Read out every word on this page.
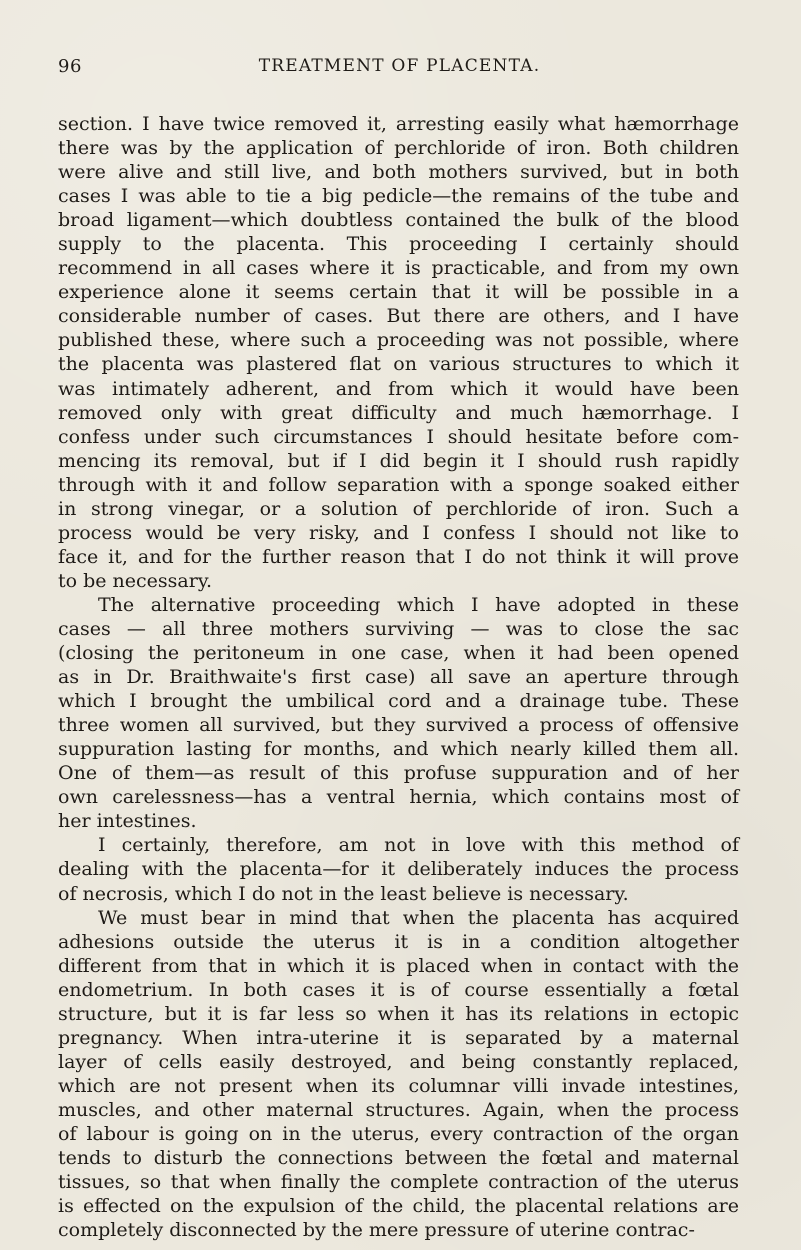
96	TREATMENT OF PLACENTA.
section. I have twice removed it, arresting easily what hæmorrhage
there was by the application of perchloride of iron. Both children
were alive and still live, and both mothers survived, but in both
cases I was able to tie a big pedicle—the remains of the tube and
broad ligament—which doubtless contained the bulk of the blood
supply to the placenta. This proceeding I certainly should
recommend in all cases where it is practicable, and from my own
experience alone it seems certain that it will be possible in a
considerable number of cases. But there are others, and I have
published these, where such a proceeding was not possible, where
the placenta was plastered flat on various structures to which it
was intimately adherent, and from which it would have been
removed only with great difficulty and much hæmorrhage. I
confess under such circumstances I should hesitate before com-
mencing its removal, but if I did begin it I should rush rapidly
through with it and follow separation with a sponge soaked either
in strong vinegar, or a solution of perchloride of iron. Such a
process would be very risky, and I confess I should not like to
face it, and for the further reason that I do not think it will prove
to be necessary.
The alternative proceeding which I have adopted in these
cases — all three mothers surviving — was to close the sac
(closing the peritoneum in one case, when it had been opened
as in Dr. Braithwaite's first case) all save an aperture through
which I brought the umbilical cord and a drainage tube. These
three women all survived, but they survived a process of offensive
suppuration lasting for months, and which nearly killed them all.
One of them—as result of this profuse suppuration and of her
own carelessness—has a ventral hernia, which contains most of
her intestines.
I certainly, therefore, am not in love with this method of
dealing with the placenta—for it deliberately induces the process
of necrosis, which I do not in the least believe is necessary.
We must bear in mind that when the placenta has acquired
adhesions outside the uterus it is in a condition altogether
different from that in which it is placed when in contact with the
endometrium. In both cases it is of course essentially a fœtal
structure, but it is far less so when it has its relations in ectopic
pregnancy. When intra-uterine it is separated by a maternal
layer of cells easily destroyed, and being constantly replaced,
which are not present when its columnar villi invade intestines,
muscles, and other maternal structures. Again, when the process
of labour is going on in the uterus, every contraction of the organ
tends to disturb the connections between the fœtal and maternal
tissues, so that when finally the complete contraction of the uterus
is effected on the expulsion of the child, the placental relations are
completely disconnected by the mere pressure of uterine contrac-
